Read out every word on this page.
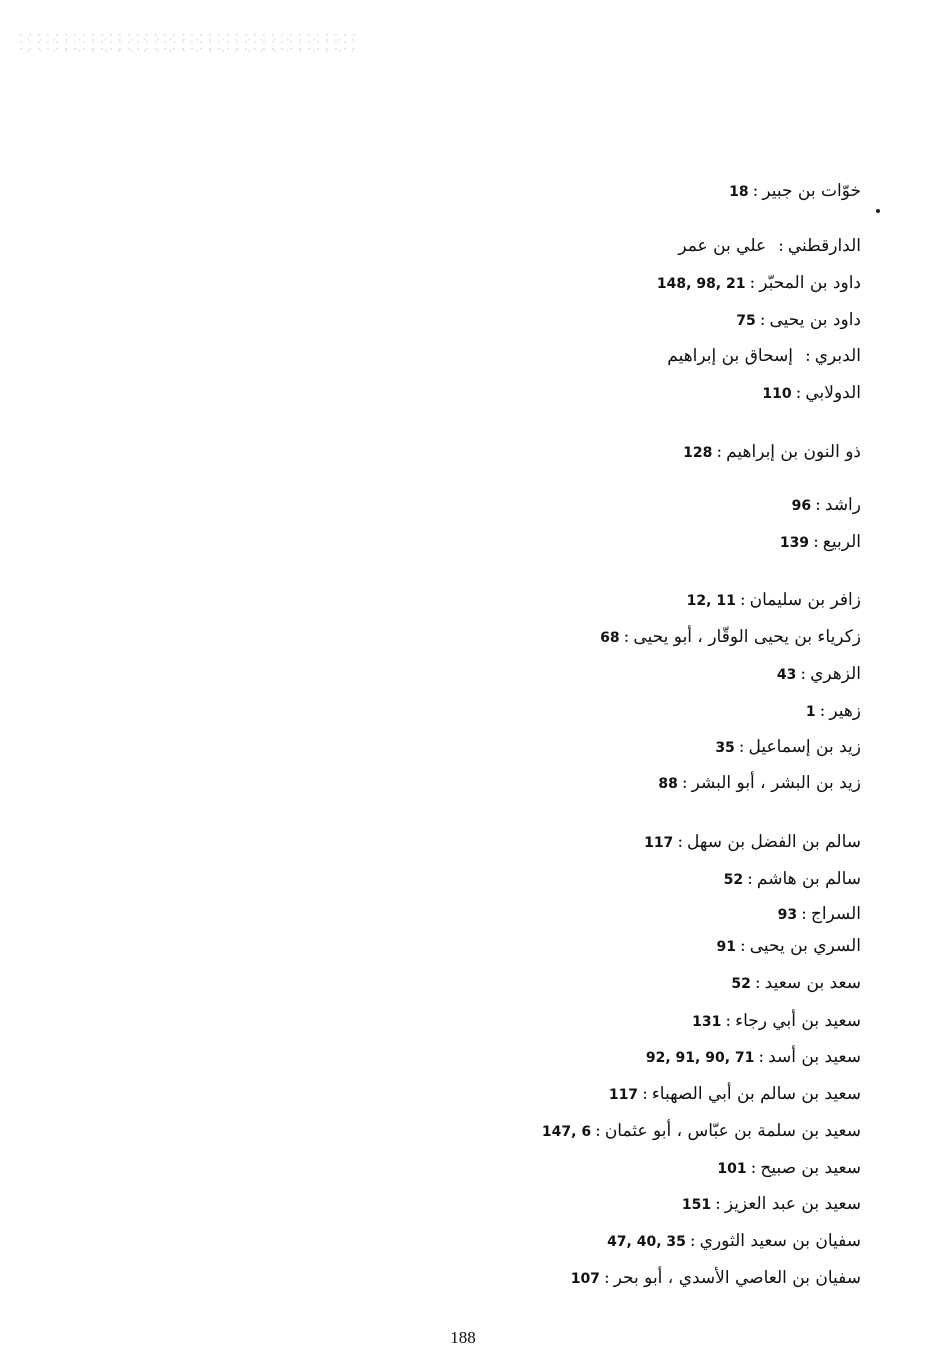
خوّات بن جبير:18
الدارقطني:علي بن عمر
داود بن المحبّر:148, 98, 21
داود بن يحيى:75
الدبري:إسحاق بن إبراهيم
الدولابي:110
ذو النون بن إبراهيم:128
راشد:96
الربيع:139
زافر بن سليمان:12, 11
زكرياء بن يحيى الوقّار ، أبو يحيى:68
الزهري:43
زهير:1
زيد بن إسماعيل:35
زيد بن البشر ، أبو البشر:88
سالم بن الفضل بن سهل:117
سالم بن هاشم:52
السراج:93
السري بن يحيى:91
سعد بن سعيد:52
سعيد بن أبي رجاء:131
سعيد بن أسد:92, 91, 90, 71
سعيد بن سالم بن أبي الصهباء:117
سعيد بن سلمة بن عبّاس ، أبو عثمان:147, 6
سعيد بن صبيح:101
سعيد بن عبد العزيز:151
سفيان بن سعيد الثوري:47, 40, 35
سفيان بن العاصي الأسدي ، أبو بحر:107
188
